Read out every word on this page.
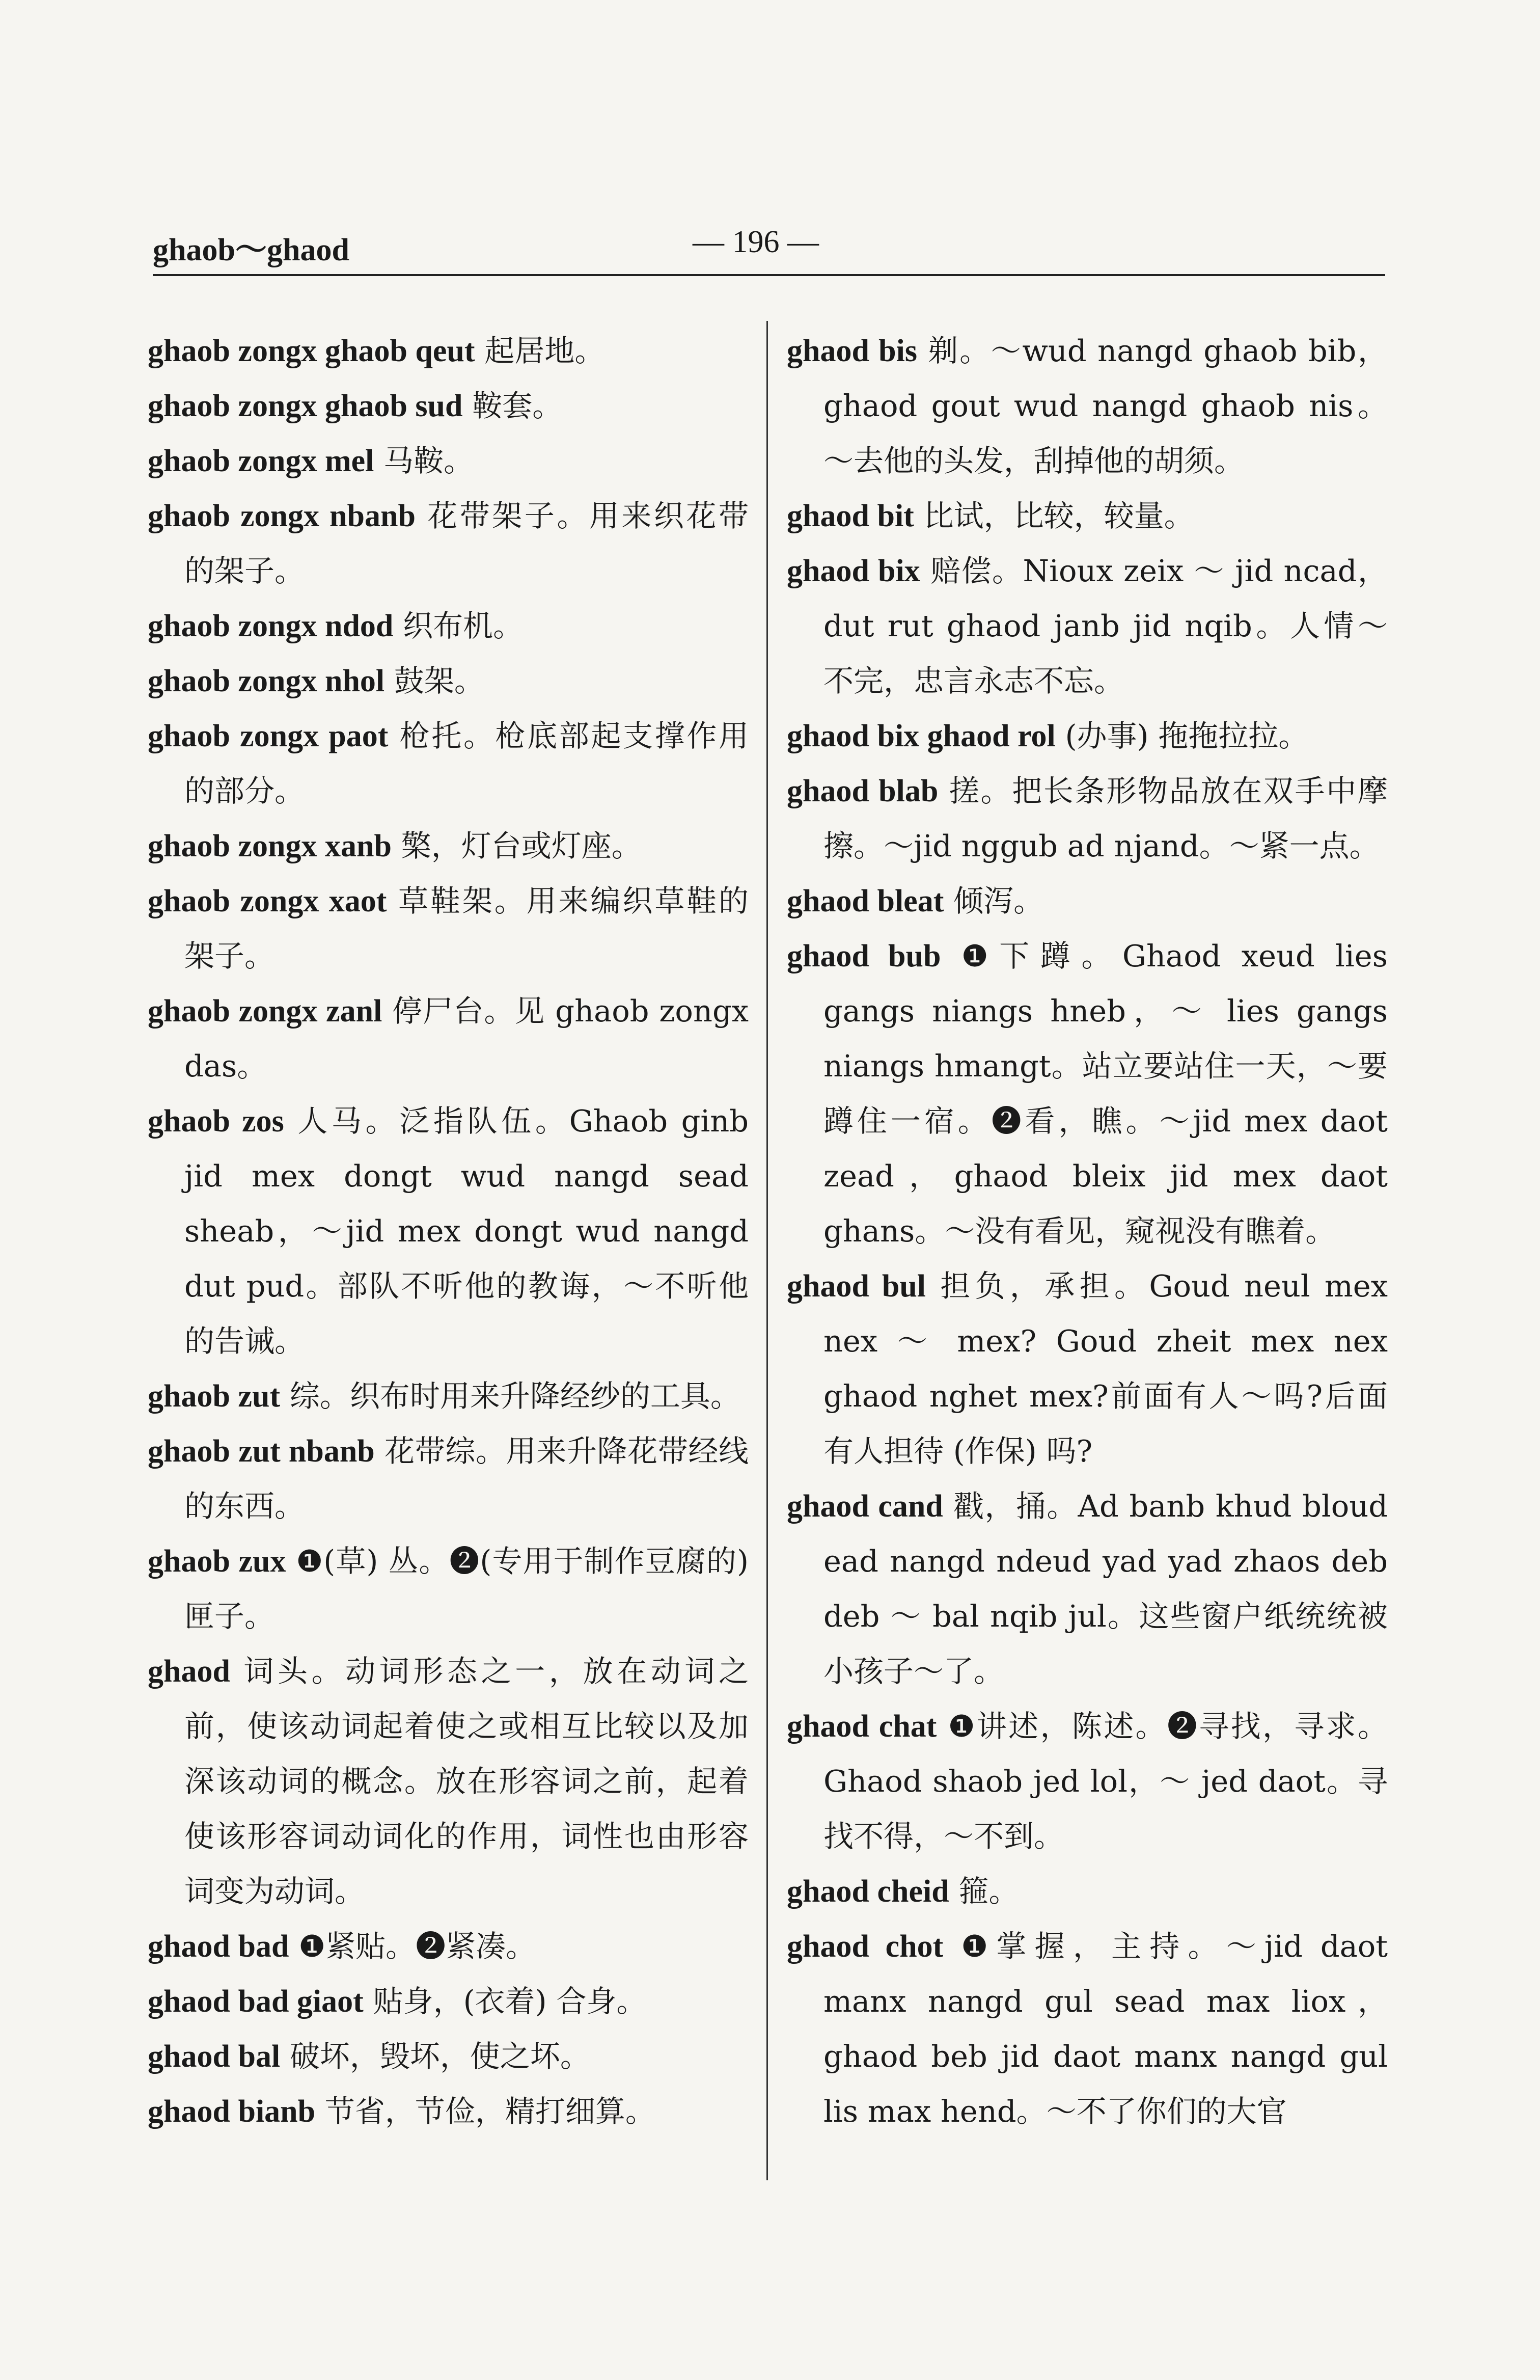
ghaob～ghaod	— 196 —

ghaob zongx ghaob qeut 起居地。

ghaob zongx ghaob sud 鞍套。

ghaob zongx mel 马鞍。

ghaob zongx nbanb 花带架子。用来织花带的架子。

ghaob zongx ndod 织布机。

ghaob zongx nhol 鼓架。

ghaob zongx paot 枪托。枪底部起支撑作用的部分。

ghaob zongx xanb 檠，灯台或灯座。

ghaob zongx xaot 草鞋架。用来编织草鞋的架子。

ghaob zongx zanl 停尸台。见 ghaob zongx das。

ghaob zos 人马。泛指队伍。Ghaob ginb jid mex dongt wud nangd sead sheab，～jid mex dongt wud nangd dut pud。部队不听他的教诲，～不听他的告诫。

ghaob zut 综。织布时用来升降经纱的工具。

ghaob zut nbanb 花带综。用来升降花带经线的东西。

ghaob zux ❶(草) 丛。❷(专用于制作豆腐的) 匣子。

ghaod 词头。动词形态之一，放在动词之前，使该动词起着使之或相互比较以及加深该动词的概念。放在形容词之前，起着使该形容词动词化的作用，词性也由形容词变为动词。

ghaod bad ❶紧贴。❷紧凑。

ghaod bad giaot 贴身，(衣着) 合身。

ghaod bal 破坏，毁坏，使之坏。

ghaod bianb 节省，节俭，精打细算。

ghaod bis 剃。～wud nangd ghaob bib，ghaod gout wud nangd ghaob nis。～去他的头发，刮掉他的胡须。

ghaod bit 比试，比较，较量。

ghaod bix 赔偿。Nioux zeix ～ jid ncad，dut rut ghaod janb jid nqib。人情～ 不完，忠言永志不忘。

ghaod bix ghaod rol (办事) 拖拖拉拉。

ghaod blab 搓。把长条形物品放在双手中摩擦。～jid nggub ad njand。～紧一点。

ghaod bleat 倾泻。

ghaod bub ❶下蹲。Ghaod xeud lies gangs niangs hneb，～ lies gangs niangs hmangt。站立要站住一天，～要蹲住一宿。❷看，瞧。～jid mex daot zead，ghaod bleix jid mex daot ghans。～没有看见，窥视没有瞧着。

ghaod bul 担负，承担。Goud neul mex nex ～ mex? Goud zheit mex nex ghaod nghet mex?前面有人～吗?后面有人担待 (作保) 吗?

ghaod cand 戳，捅。Ad banb khud bloud ead nangd ndeud yad yad zhaos deb deb ～ bal nqib jul。这些窗户纸统统被小孩子～了。

ghaod chat ❶讲述，陈述。❷寻找，寻求。Ghaod shaob jed lol，～ jed daot。寻找不得，～不到。

ghaod cheid 箍。

ghaod chot ❶掌握，主持。～jid daot manx nangd gul sead max liox，ghaod beb jid daot manx nangd gul lis max hend。～不了你们的大官
